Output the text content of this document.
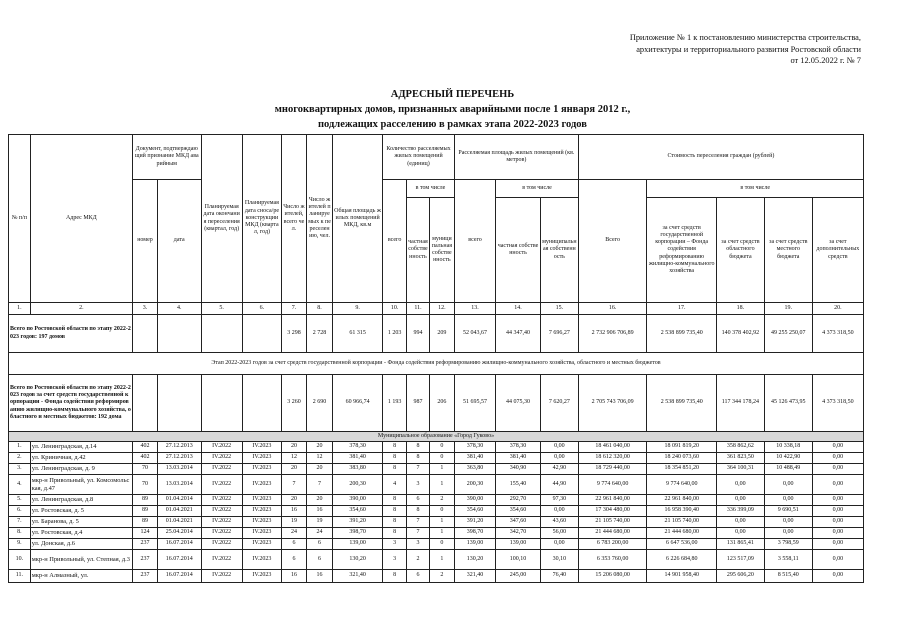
Приложение № 1 к постановлению министерства строительства,
архитектуры и территориального развития Ростовской области
от 12.05.2022 г. № 7
АДРЕСНЫЙ ПЕРЕЧЕНЬ
многоквартирных домов, признанных аварийными после 1 января 2012 г.,
подлежащих расселению в рамках этапа 2022-2023 годов
№ п/п	Адрес МКД	Документ, подтверждающий признание МКД аварийным		Планируемая дата окончания переселения (квартал, год)	Планируемая дата сноса/реконструкции МКД (квартал, год)	Число жителей, всего чел.	Число жителей планируемых к переселению, чел.	Общая площадь жилых помещений МКД, кв.м	Количество расселяемых жилых помещений (единиц)			Расселяемая площадь жилых помещений (кв. метров)			Стоимость переселения граждан (рублей)				
		номер	дата						всего	в том числе		всего	в том числе		Всего	в том числе			
										частная собственность	муниципальная собственность		частная собственность	муниципальная собственность		за счет средств государственной корпорации – Фонда содействия реформированию жилищно-коммунального хозяйства	за счет средств областного бюджета	за счет средств местного бюджета	за счет дополнительных средств
1.	2.	3.	4.	5.	6.	7.	8.	9.	10.	11.	12.	13.	14.	15.	16.	17.	18.	19.	20.
Всего по Ростовской области по этапу 2022-2023 годов: 197 домов						3 298	2 728	61 315	1 203	994	209	52 043,67	44 347,40	7 696,27	2 732 906 706,89	2 538 899 735,40	140 378 402,92	49 255 250,07	4 373 318,50
Этап 2022-2023 годов за счет средств государственной корпорации - Фонда содействия реформированию жилищно-коммунального хозяйства, областного и местных бюджетов																			
Всего по Ростовской области по этапу 2022-2023 годов за счет средств государственной корпорации - Фонда содействия реформированию жилищно-коммунального хозяйства, областного и местных бюджетов: 192 дома						3 260	2 690	60 966,74	1 193	987	206	51 695,57	44 075,30	7 620,27	2 705 743 706,09	2 538 899 735,40	117 344 178,24	45 126 473,95	4 373 318,50
Муниципальное образование «Город Гуково»																			
1.	ул. Ленинградская, д.14	402	27.12.2013	IV.2022	IV.2023	20	20	378,30	8	8	0	378,30	378,30	0,00	18 461 040,00	18 091 819,20	358 862,62	10 338,18	0,00
2.	ул. Криничная, д.42	402	27.12.2013	IV.2022	IV.2023	12	12	381,40	8	8	0	381,40	381,40	0,00	18 612 320,00	18 240 073,60	361 823,50	10 422,90	0,00
3.	ул. Ленинградская, д. 9	70	13.03.2014	IV.2022	IV.2023	20	20	383,80	8	7	1	363,80	340,90	42,90	18 729 440,00	18 354 851,20	364 100,31	10 488,49	0,00
4.	мкр-н Привольный, ул. Комсомольская, д.47	70	13.03.2014	IV.2022	IV.2023	7	7	200,30	4	3	1	200,30	155,40	44,90	9 774 640,00	9 774 640,00	0,00	0,00	0,00
5.	ул. Ленинградская, д.8	89	01.04.2014	IV.2022	IV.2023	20	20	390,00	8	6	2	390,00	292,70	97,30	22 961 840,00	22 961 840,00	0,00	0,00	0,00
6.	ул. Ростовская, д. 5	89	01.04.2021	IV.2022	IV.2023	16	16	354,60	8	8	0	354,60	354,60	0,00	17 304 480,00	16 958 390,40	336 399,09	9 690,51	0,00
7.	ул. Баранова, д. 5	89	01.04.2021	IV.2022	IV.2023	19	19	391,20	8	7	1	391,20	347,60	43,60	21 105 740,00	21 105 740,00	0,00	0,00	0,00
8.	ул. Ростовская, д.4	124	25.04.2014	IV.2022	IV.2023	24	24	398,70	8	7	1	398,70	342,70	56,00	21 444 680,00	21 444 680,00	0,00	0,00	0,00
9.	ул. Донская, д.6	237	16.07.2014	IV.2022	IV.2023	6	6	139,00	3	3	0	139,00	139,00	0,00	6 783 200,00	6 647 536,00	131 865,41	3 798,59	0,00
10.	мкр-н Привольный, ул. Степная, д.3	237	16.07.2014	IV.2022	IV.2023	6	6	130,20	3	2	1	130,20	100,10	30,10	6 353 760,00	6 226 684,80	123 517,09	3 558,11	0,00
11.	мкр-н Алмазный, ул.	237	16.07.2014	IV.2022	IV.2023	16	16	321,40	8	6	2	321,40	245,00	76,40	15 206 080,00	14 901 958,40	295 606,20	8 515,40	0,00
